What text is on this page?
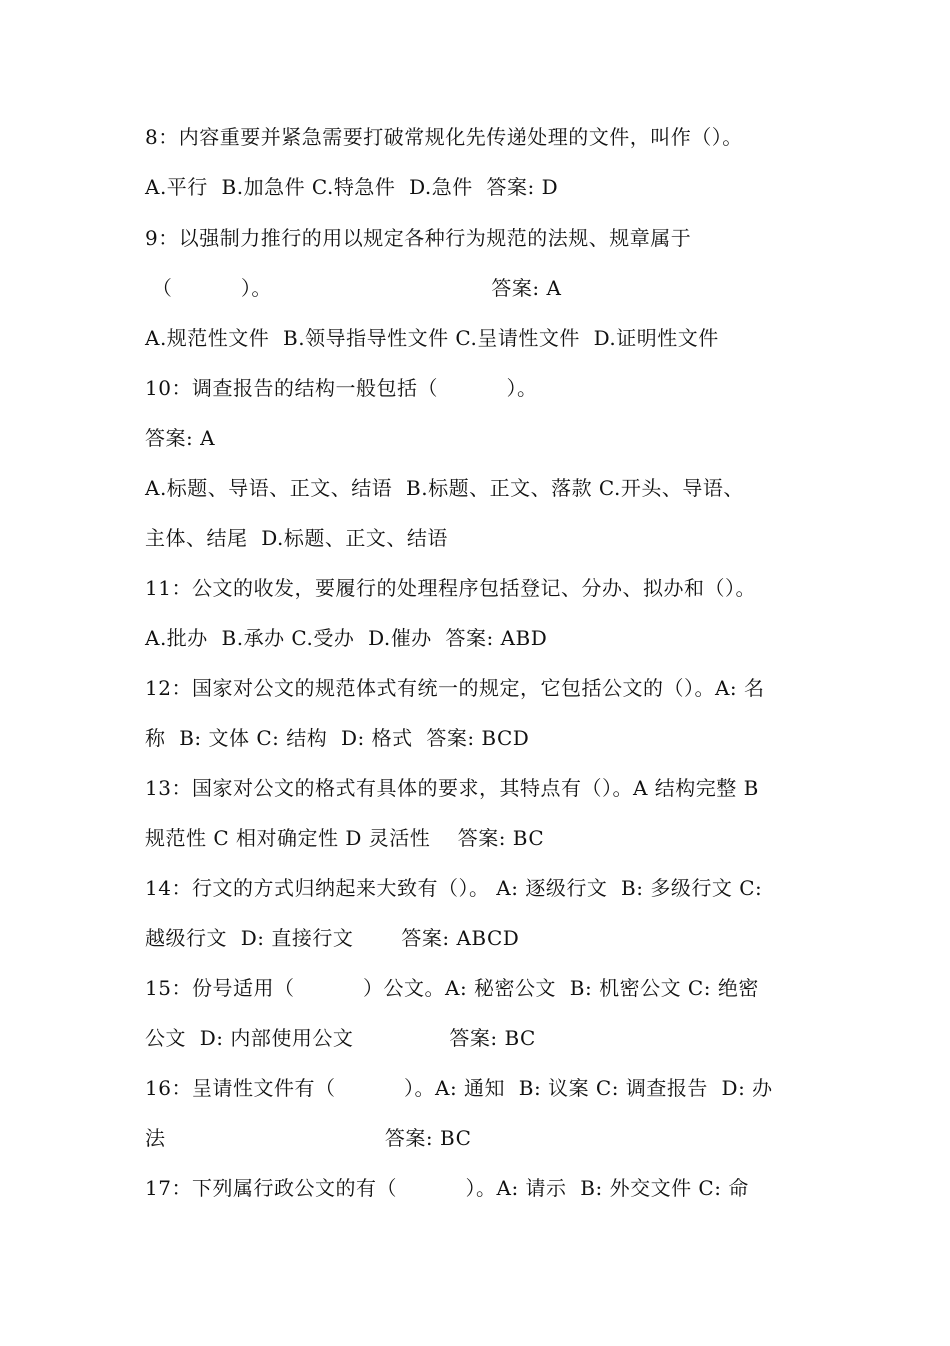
8：内容重要并紧急需要打破常规化先传递处理的文件，叫作（）。
A.平行  B.加急件 C.特急件  D.急件  答案: D
9：以强制力推行的用以规定各种行为规范的法规、规章属于
（          ）。                                答案: A
A.规范性文件  B.领导指导性文件 C.呈请性文件  D.证明性文件
10：调查报告的结构一般包括（          ）。
答案: A
A.标题、导语、正文、结语  B.标题、正文、落款 C.开头、导语、
主体、结尾  D.标题、正文、结语
11：公文的收发，要履行的处理程序包括登记、分办、拟办和（）。
A.批办  B.承办 C.受办  D.催办  答案: ABD
12：国家对公文的规范体式有统一的规定，它包括公文的（）。A: 名
称  B: 文体 C: 结构  D: 格式  答案: BCD
13：国家对公文的格式有具体的要求，其特点有（）。A 结构完整 B
规范性 C 相对确定性 D 灵活性    答案: BC
14：行文的方式归纳起来大致有（）。 A: 逐级行文  B: 多级行文 C:
越级行文  D: 直接行文       答案: ABCD
15：份号适用（          ）公文。A: 秘密公文  B: 机密公文 C: 绝密
公文  D: 内部使用公文              答案: BC
16：呈请性文件有（          ）。A: 通知  B: 议案 C: 调查报告  D: 办
法                                答案: BC
17：下列属行政公文的有（          ）。A: 请示  B: 外交文件 C: 命
